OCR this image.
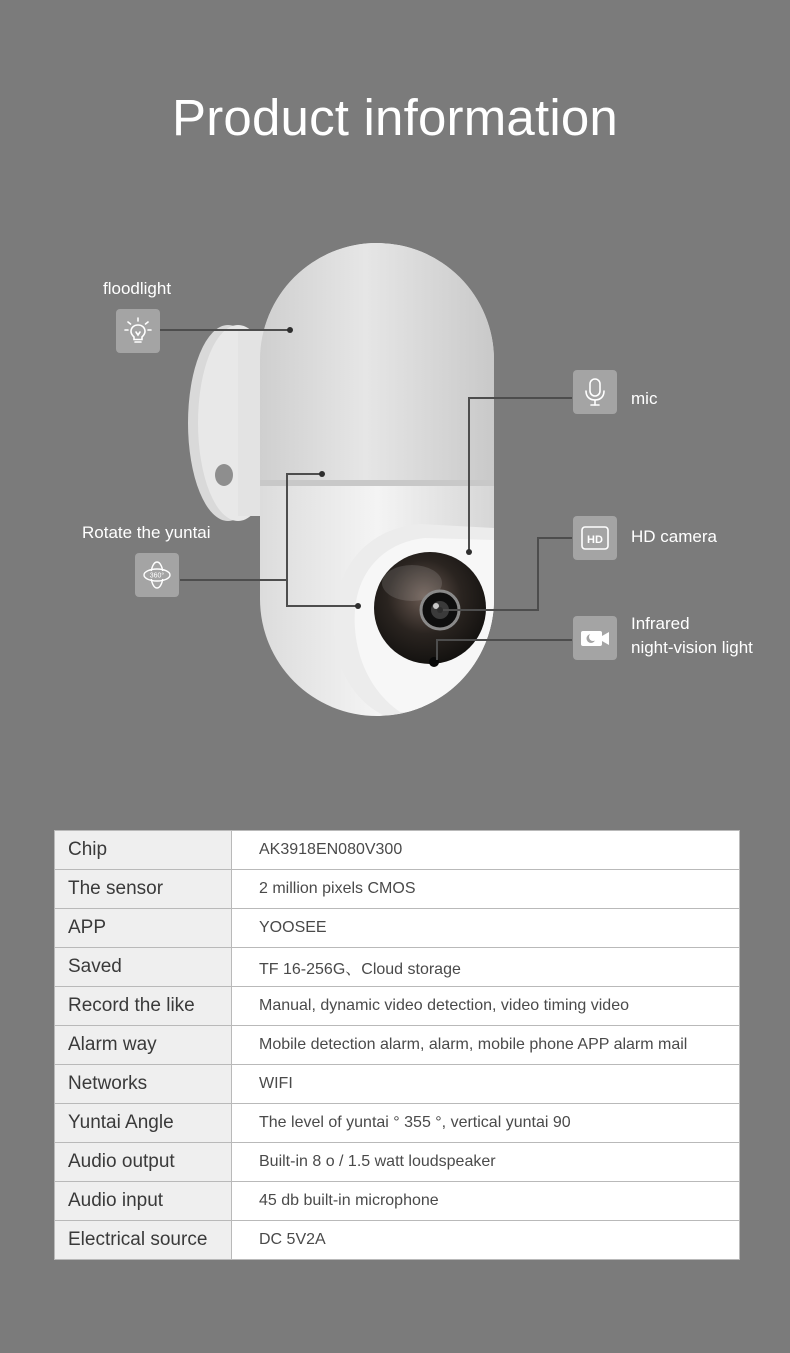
Product information
floodlight
Rotate the yuntai
360°
mic
HD HD camera
Infrared
night-vision light
Chip	AK3918EN080V300
The sensor	2 million pixels CMOS
APP	YOOSEE
Saved	TF 16-256G、Cloud storage
Record the like	Manual, dynamic video detection, video timing video
Alarm way	Mobile detection alarm, alarm, mobile phone APP alarm mail
Networks	WIFI
Yuntai Angle	The level of yuntai ° 355 °, vertical yuntai 90
Audio output	Built-in 8 o / 1.5 watt loudspeaker
Audio input	45 db built-in microphone
Electrical source	DC 5V2A
